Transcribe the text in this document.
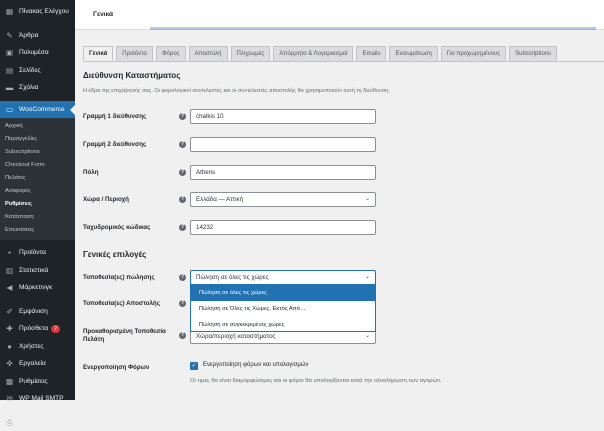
▦ Πίνακας Ελέγχου
✎ Άρθρα
▣ Πολυμέσα
▤ Σελίδες
▬ Σχόλια
▭ WooCommerce
Αρχική
Παραγγελίες
Subscriptions
Checkout Form
Πελάτες
Αναφορές
Ρυθμίσεις
Κατάσταση
Επεκτάσεις
▪	Προϊόντα
▥ Στατιστικά
◀ Μάρκετινγκ
✐ Εμφάνιση
✚ Πρόσθετα	2
●	Χρήστες
✜ Εργαλεία
▩ Ρυθμίσεις
✉ WP Mail SMTP
⎙ Printer Receipts
Γενικά
Γενικά	Προϊόντα	Φόρος	Αποστολή	Πληρωμές	Απόρρητο & Λογαριασμοί	Emails	Ενσωμάτωση	Για προχωρημένους	Subscriptions
Διεύθυνση Καταστήματος

Η έδρα της επιχείρησής σας. Οι φορολογικοί συντελεστές και οι συντελεστές αποστολής θα χρησιμοποιούν αυτή τη διεύθυνση.

Γραμμή 1 διεύθυνσης	?	chalkis 10
Γραμμή 2 διεύθυνσης	?
Πόλη	?	Athens
Χώρα / Περιοχή	?	Ελλάδα — Αττική	⌄
Ταχυδρομικός κώδικας	?	14232
Γενικές επιλογές
Τοποθεσία(ες) πώλησης	?	Πώληση σε όλες τις χώρες	⌄
Τοποθεσία(ες) Αποστολής	?
Προκαθορισμένη Τοποθεσία
Πελάτη
?	Χώρα/περιοχή καταστήματος	⌄
Πώληση σε όλες τις χώρες
Πώληση σε Όλες τις Χώρες, Εκτός Από…
Πώληση σε συγκεκριμένες χώρες
Ενεργοποίηση Φόρων	✓ Ενεργοποίηση φόρων και υπολογισμών
Οι τιμές θα είναι διαμορφώσιμες και οι φόροι θα υπολογίζονται κατά την ολοκλήρωση των αγορών.
